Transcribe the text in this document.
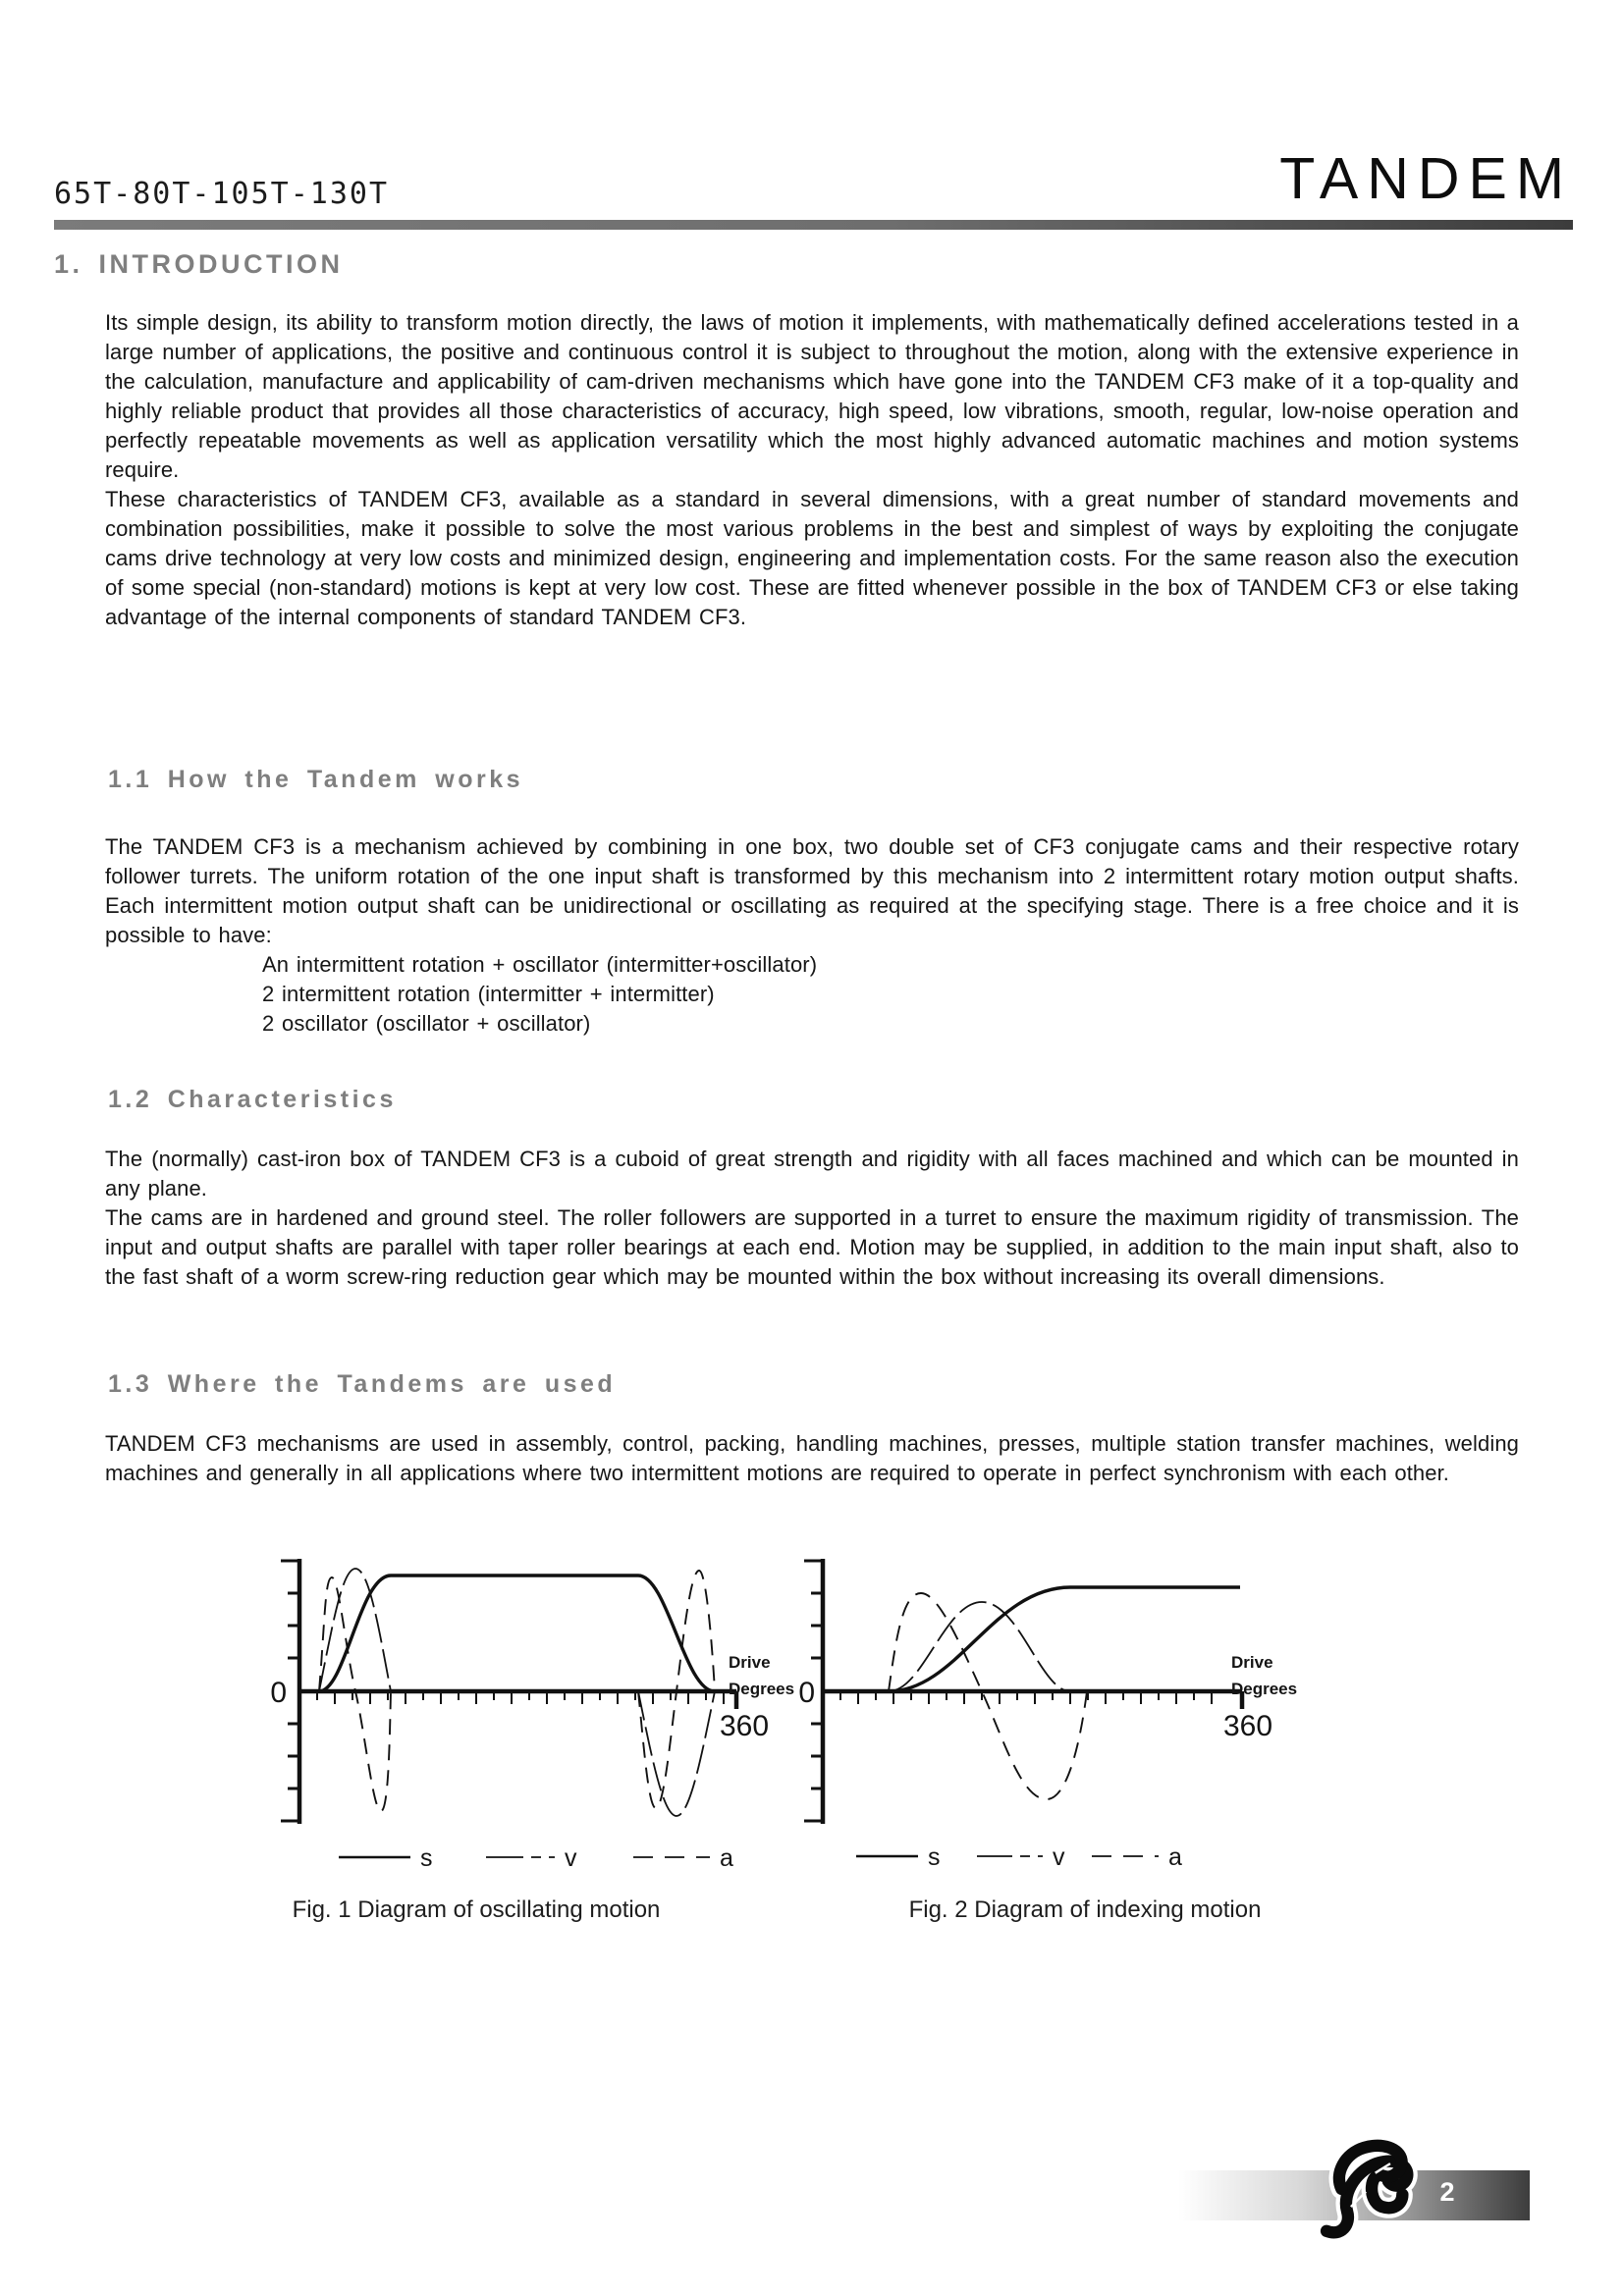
65T-80T-105T-130T	TANDEM
1. INTRODUCTION

Its simple design, its ability to transform motion directly, the laws of motion it implements, with mathematically defined accelerations tested in a large number of applications, the positive and continuous control it is subject to throughout the motion, along with the extensive experience in the calculation, manufacture and applicability of cam-driven mechanisms which have gone into the TANDEM CF3 make of it a top-quality and highly reliable product that provides all those characteristics of accuracy, high speed, low vibrations, smooth, regular, low-noise operation and perfectly repeatable movements as well as application versatility which the most highly advanced automatic machines and motion systems require.

These characteristics of TANDEM CF3, available as a standard in several dimensions, with a great number of standard movements and combination possibilities, make it possible to solve the most various problems in the best and simplest of ways by exploiting the conjugate cams drive technology at very low costs and minimized design, engineering and implementation costs. For the same reason also the execution of some special (non-standard) motions is kept at very low cost. These are fitted whenever possible in the box of TANDEM CF3 or else taking advantage of the internal components of standard TANDEM CF3.

1.1 How the Tandem works

The TANDEM CF3 is a mechanism achieved by combining in one box, two double set of CF3 conjugate cams and their respective rotary follower turrets. The uniform rotation of the one input shaft is transformed by this mechanism into 2 intermittent rotary motion output shafts. Each intermittent motion output shaft can be unidirectional or oscillating as required at the specifying stage. There is a free choice and it is possible to have:

An intermittent rotation + oscillator (intermitter+oscillator)
2 intermittent rotation (intermitter + intermitter)
2 oscillator (oscillator + oscillator)
1.2 Characteristics

The (normally) cast-iron box of TANDEM CF3 is a cuboid of great strength and rigidity with all faces machined and which can be mounted in any plane.

The cams are in hardened and ground steel. The roller followers are supported in a turret to ensure the maximum rigidity of transmission. The input and output shafts are parallel with taper roller bearings at each end. Motion may be supplied, in addition to the main input shaft, also to the fast shaft of a worm screw-ring reduction gear which may be mounted within the box without increasing its overall dimensions.

1.3 Where the Tandems are used

TANDEM CF3 mechanisms are used in assembly, control, packing, handling machines, presses, multiple station transfer machines, welding machines and generally in all applications where two intermittent motions are required to operate in perfect synchronism with each other.

0
Drive
Degrees
360
s	v	a
0
Drive
Degrees
360
s	v	a
Fig. 1 Diagram of oscillating motion	Fig. 2 Diagram of indexing motion
2
